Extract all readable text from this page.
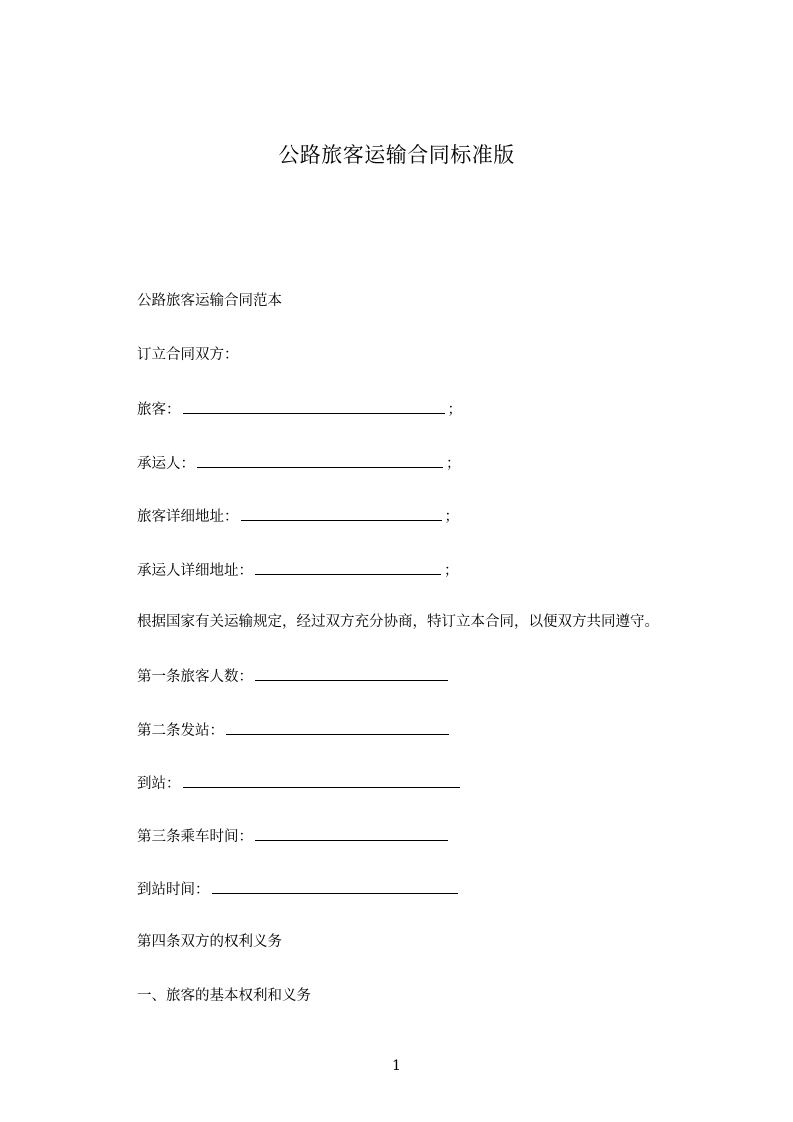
公路旅客运输合同标准版
公路旅客运输合同范本
订立合同双方：
旅客：	；
承运人：	；
旅客详细地址：	；
承运人详细地址：	；
根据国家有关运输规定，经过双方充分协商，特订立本合同，以便双方共同遵守。
第一条旅客人数：
第二条发站：
到站：
第三条乘车时间：
到站时间：
第四条双方的权利义务
一、旅客的基本权利和义务
1
